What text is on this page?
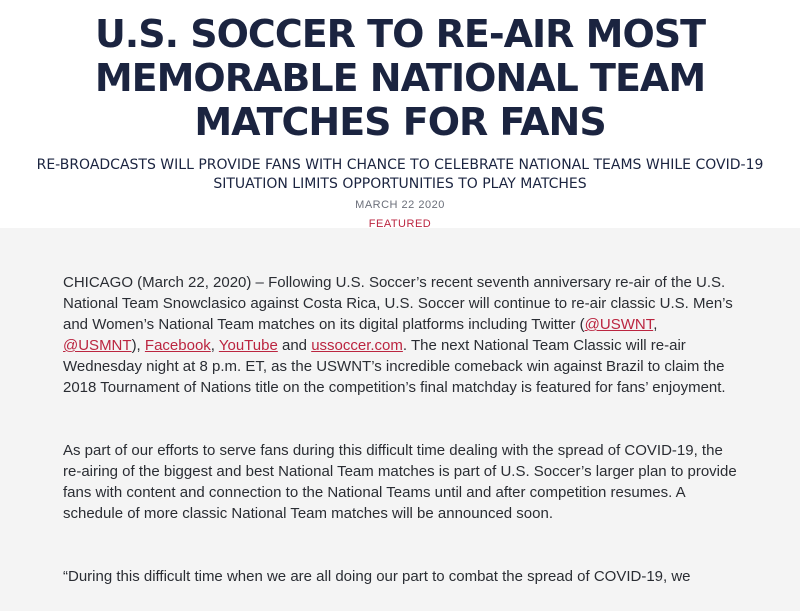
U.S. SOCCER TO RE-AIR MOST MEMORABLE NATIONAL TEAM MATCHES FOR FANS
RE-BROADCASTS WILL PROVIDE FANS WITH CHANCE TO CELEBRATE NATIONAL TEAMS WHILE COVID-19 SITUATION LIMITS OPPORTUNITIES TO PLAY MATCHES
MARCH 22 2020
FEATURED

CHICAGO (March 22, 2020) – Following U.S. Soccer’s recent seventh anniversary re-air of the U.S. National Team Snowclasico against Costa Rica, U.S. Soccer will continue to re-air classic U.S. Men’s and Women’s National Team matches on its digital platforms including Twitter (@USWNT, @USMNT), Facebook, YouTube and ussoccer.com. The next National Team Classic will re-air Wednesday night at 8 p.m. ET, as the USWNT’s incredible comeback win against Brazil to claim the 2018 Tournament of Nations title on the competition’s final matchday is featured for fans’ enjoyment.

As part of our efforts to serve fans during this difficult time dealing with the spread of COVID-19, the re-airing of the biggest and best National Team matches is part of U.S. Soccer’s larger plan to provide fans with content and connection to the National Teams until and after competition resumes. A schedule of more classic National Team matches will be announced soon.

“During this difficult time when we are all doing our part to combat the spread of COVID-19, we
